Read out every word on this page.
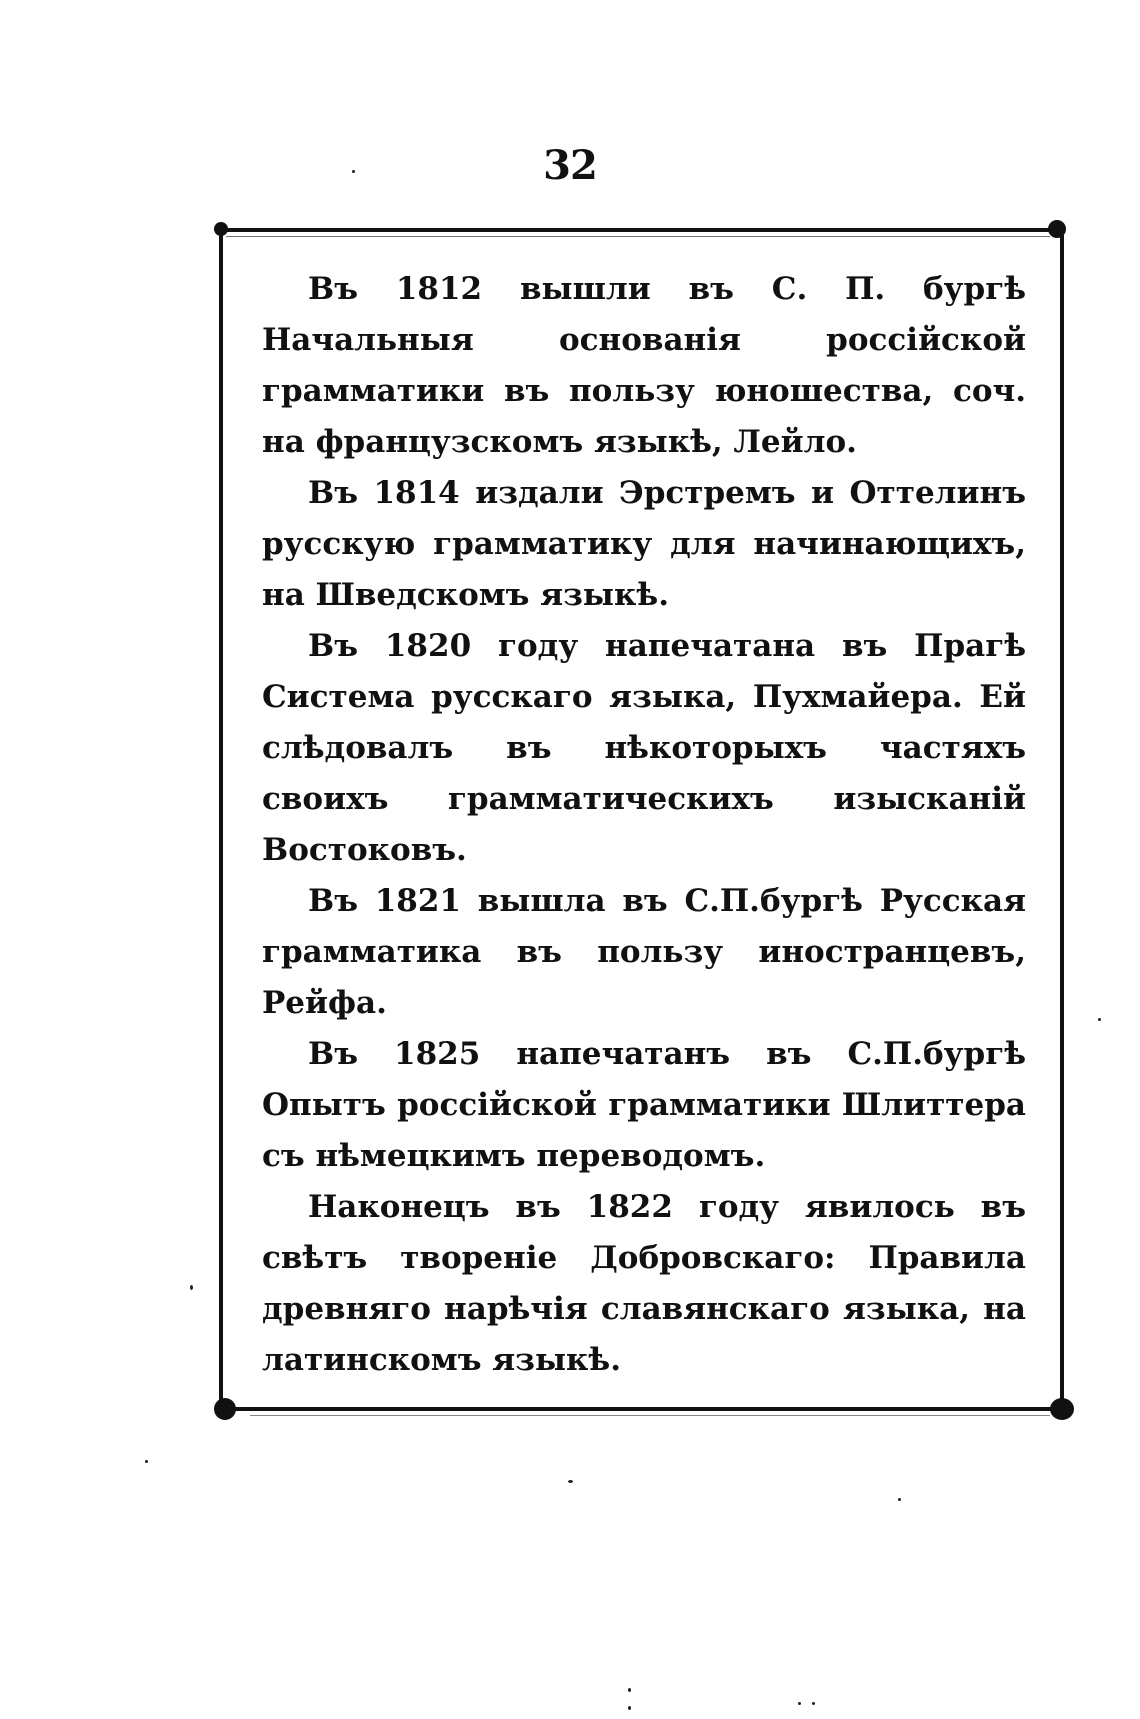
32

Въ 1812 вышли въ С. П. бургѣ Начальныя основанія россійской грамматики въ пользу юношества, соч. на французскомъ языкѣ, Лейло.

Въ 1814 издали Эрстремъ и Оттелинъ русскую грамматику для начинающихъ, на Шведскомъ языкѣ.

Въ 1820 году напечатана въ Прагѣ Система русскаго языка, Пухмайера. Ей слѣдовалъ въ нѣкоторыхъ частяхъ своихъ грамматическихъ изысканій Востоковъ.

Въ 1821 вышла въ С.П.бургѣ Русская грамматика въ пользу иностранцевъ, Рейфа.

Въ 1825 напечатанъ въ С.П.бургѣ Опытъ россійской грамматики Шлиттера съ нѣмецкимъ переводомъ.

Наконецъ въ 1822 году явилось въ свѣтъ твореніе Добровскаго: Правила древняго нарѣчія славянскаго языка, на латинскомъ языкѣ.
